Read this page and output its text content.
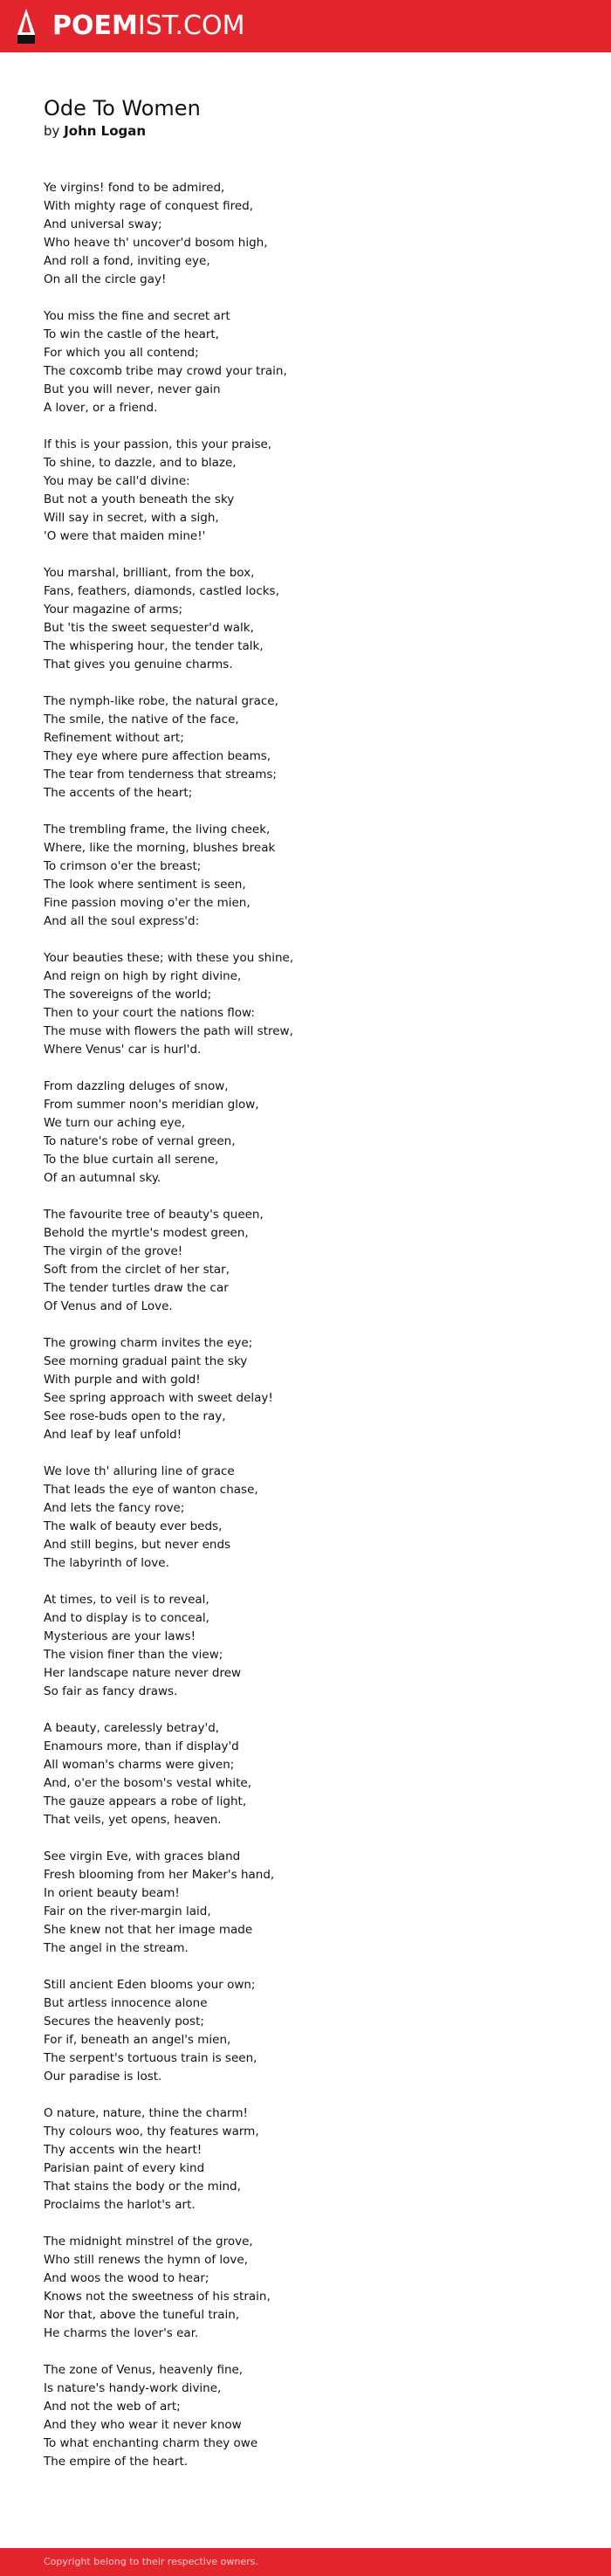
POEMIST.COM
Ode To Women
by John Logan
Ye virgins! fond to be admired,
With mighty rage of conquest fired,
And universal sway;
Who heave th' uncover'd bosom high,
And roll a fond, inviting eye,
On all the circle gay!
You miss the fine and secret art
To win the castle of the heart,
For which you all contend;
The coxcomb tribe may crowd your train,
But you will never, never gain
A lover, or a friend.
If this is your passion, this your praise,
To shine, to dazzle, and to blaze,
You may be call'd divine:
But not a youth beneath the sky
Will say in secret, with a sigh,
'O were that maiden mine!'
You marshal, brilliant, from the box,
Fans, feathers, diamonds, castled locks,
Your magazine of arms;
But 'tis the sweet sequester'd walk,
The whispering hour, the tender talk,
That gives you genuine charms.
The nymph-like robe, the natural grace,
The smile, the native of the face,
Refinement without art;
They eye where pure affection beams,
The tear from tenderness that streams;
The accents of the heart;
The trembling frame, the living cheek,
Where, like the morning, blushes break
To crimson o'er the breast;
The look where sentiment is seen,
Fine passion moving o'er the mien,
And all the soul express'd:
Your beauties these; with these you shine,
And reign on high by right divine,
The sovereigns of the world;
Then to your court the nations flow:
The muse with flowers the path will strew,
Where Venus' car is hurl'd.
From dazzling deluges of snow,
From summer noon's meridian glow,
We turn our aching eye,
To nature's robe of vernal green,
To the blue curtain all serene,
Of an autumnal sky.
The favourite tree of beauty's queen,
Behold the myrtle's modest green,
The virgin of the grove!
Soft from the circlet of her star,
The tender turtles draw the car
Of Venus and of Love.
The growing charm invites the eye;
See morning gradual paint the sky
With purple and with gold!
See spring approach with sweet delay!
See rose-buds open to the ray,
And leaf by leaf unfold!
We love th' alluring line of grace
That leads the eye of wanton chase,
And lets the fancy rove;
The walk of beauty ever beds,
And still begins, but never ends
The labyrinth of love.
At times, to veil is to reveal,
And to display is to conceal,
Mysterious are your laws!
The vision finer than the view;
Her landscape nature never drew
So fair as fancy draws.
A beauty, carelessly betray'd,
Enamours more, than if display'd
All woman's charms were given;
And, o'er the bosom's vestal white,
The gauze appears a robe of light,
That veils, yet opens, heaven.
See virgin Eve, with graces bland
Fresh blooming from her Maker's hand,
In orient beauty beam!
Fair on the river-margin laid,
She knew not that her image made
The angel in the stream.
Still ancient Eden blooms your own;
But artless innocence alone
Secures the heavenly post;
For if, beneath an angel's mien,
The serpent's tortuous train is seen,
Our paradise is lost.
O nature, nature, thine the charm!
Thy colours woo, thy features warm,
Thy accents win the heart!
Parisian paint of every kind
That stains the body or the mind,
Proclaims the harlot's art.
The midnight minstrel of the grove,
Who still renews the hymn of love,
And woos the wood to hear;
Knows not the sweetness of his strain,
Nor that, above the tuneful train,
He charms the lover's ear.
The zone of Venus, heavenly fine,
Is nature's handy-work divine,
And not the web of art;
And they who wear it never know
To what enchanting charm they owe
The empire of the heart.
Copyright belong to their respective owners.
